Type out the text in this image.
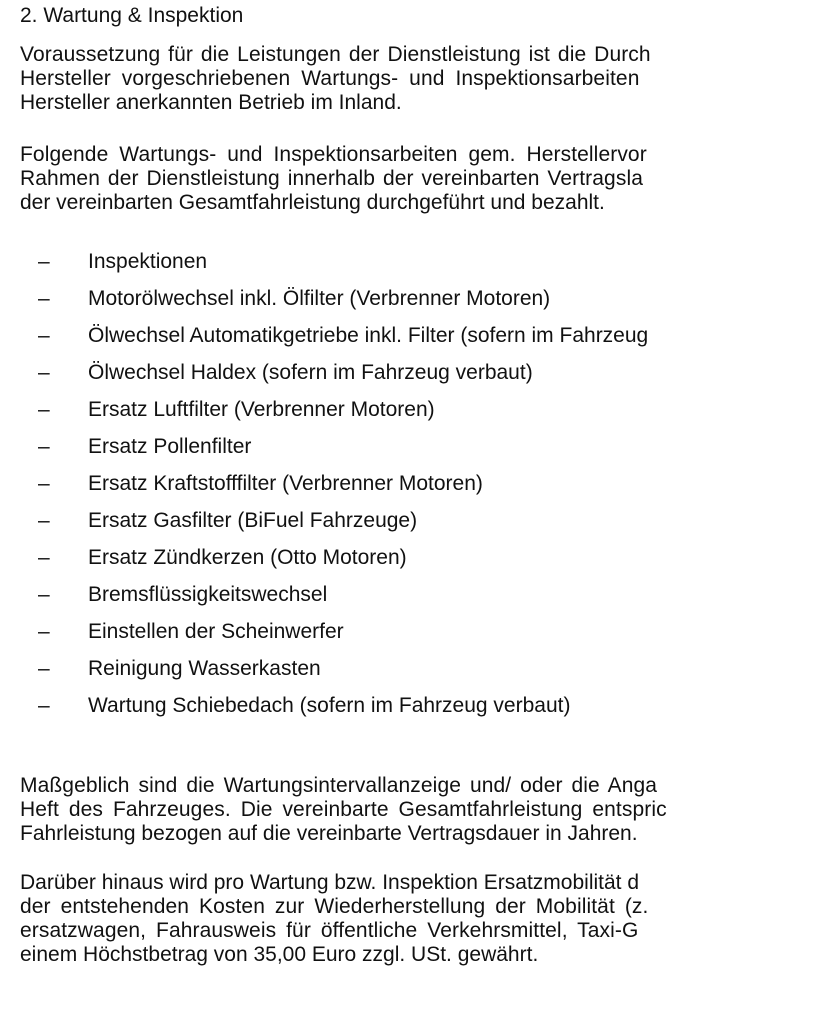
2. Wartung & Inspektion
Voraussetzung für die Leistungen der Dienstleistung ist die Durch
Hersteller vorgeschriebenen Wartungs- und Inspektionsarbeiten
Hersteller anerkannten Betrieb im Inland.
Folgende Wartungs- und Inspektionsarbeiten gem. Herstellervor
Rahmen der Dienstleistung innerhalb der vereinbarten Vertragsla
der vereinbarten Gesamtfahrleistung durchgeführt und bezahlt.
–	Inspektionen
–	Motorölwechsel inkl. Ölfilter (Verbrenner Motoren)
–	Ölwechsel Automatikgetriebe inkl. Filter (sofern im Fahrzeug
–	Ölwechsel Haldex (sofern im Fahrzeug verbaut)
–	Ersatz Luftfilter (Verbrenner Motoren)
–	Ersatz Pollenfilter
–	Ersatz Kraftstofffilter (Verbrenner Motoren)
–	Ersatz Gasfilter (BiFuel Fahrzeuge)
–	Ersatz Zündkerzen (Otto Motoren)
–	Bremsflüssigkeitswechsel
–	Einstellen der Scheinwerfer
–	Reinigung Wasserkasten
–	Wartung Schiebedach (sofern im Fahrzeug verbaut)
Maßgeblich sind die Wartungsintervallanzeige und/ oder die Anga
Heft des Fahrzeuges. Die vereinbarte Gesamtfahrleistung entspric
Fahrleistung bezogen auf die vereinbarte Vertragsdauer in Jahren.
Darüber hinaus wird pro Wartung bzw. Inspektion Ersatzmobilität d
der entstehenden Kosten zur Wiederherstellung der Mobilität (z.
ersatzwagen, Fahrausweis für öffentliche Verkehrsmittel, Taxi-G
einem Höchstbetrag von 35,00 Euro zzgl. USt. gewährt.
